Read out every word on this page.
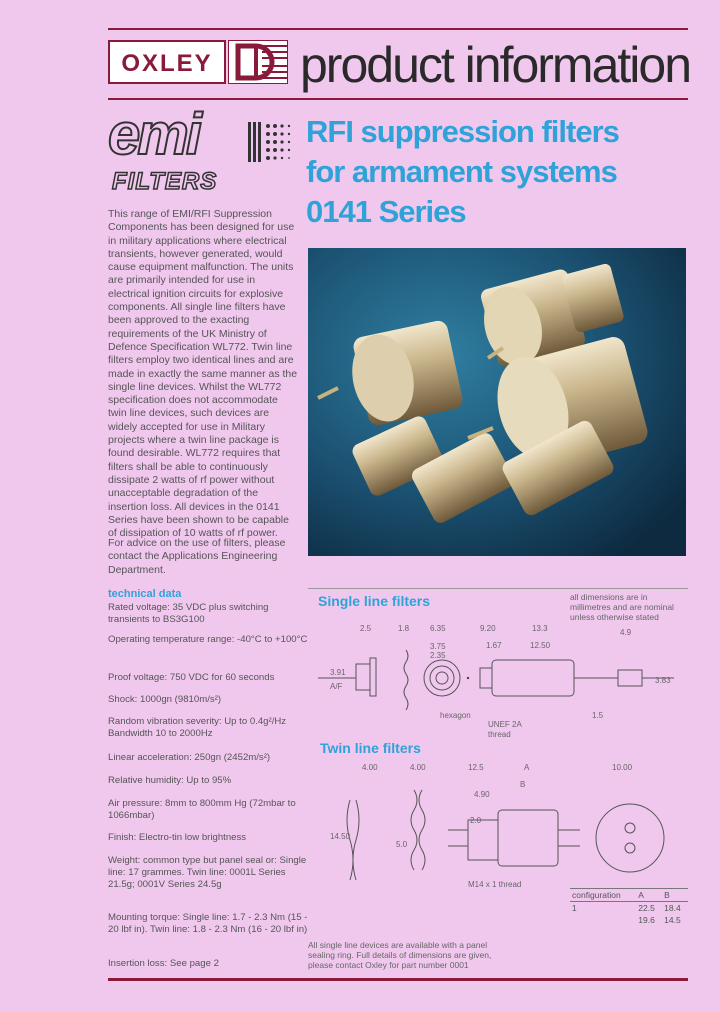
OXLEY product information
emi
FILTERS
RFI suppression filters
for armament systems
0141 Series
This range of EMI/RFI Suppression Components has been designed for use in military applications where electrical transients, however generated, would cause equipment malfunction. The units are primarily intended for use in electrical ignition circuits for explosive components. All single line filters have been approved to the exacting requirements of the UK Ministry of Defence Specification WL772. Twin line filters employ two identical lines and are made in exactly the same manner as the single line devices. Whilst the WL772 specification does not accommodate twin line devices, such devices are widely accepted for use in Military projects where a twin line package is found desirable. WL772 requires that filters shall be able to continuously dissipate 2 watts of rf power without unacceptable degradation of the insertion loss. All devices in the 0141 Series have been shown to be capable of dissipation of 10 watts of rf power.
For advice on the use of filters, please contact the Applications Engineering Department.
technical data
Rated voltage: 35 VDC plus switching transients to BS3G100
Operating temperature range: -40°C to +100°C
Proof voltage: 750 VDC for 60 seconds
Shock: 1000gn (9810m/s²)
Random vibration severity: Up to 0.4g²/Hz Bandwidth 10 to 2000Hz
Linear acceleration: 250gn (2452m/s²)
Relative humidity: Up to 95%
Air pressure: 8mm to 800mm Hg (72mbar to 1066mbar)
Finish: Electro-tin low brightness
Weight: common type but panel seal or: Single line: 17 grammes. Twin line: 0001L Series 21.5g; 0001V Series 24.5g
Mounting torque: Single line: 1.7 - 2.3 Nm (15 - 20 lbf in). Twin line: 1.8 - 2.3 Nm (16 - 20 lbf in)
Insertion loss: See page 2
Single line filters	all dimensions are in millimetres and are nominal unless otherwise stated
2.5	1.8	6.35	9.20	13.3	4.9
1.67	12.50
3.75
2.35
3.91
A/F
3.83
1.5
hexagon
UNEF 2A
thread
Twin line filters
4.00	4.00	12.5	A
B
4.90
10.00
14.50
5.0
2.0
M14 x 1 thread
configuration	A	B
1	22.5	18.4
	19.6	14.5
All single line devices are available with a panel sealing ring. Full details of dimensions are given, please contact Oxley for part number 0001
